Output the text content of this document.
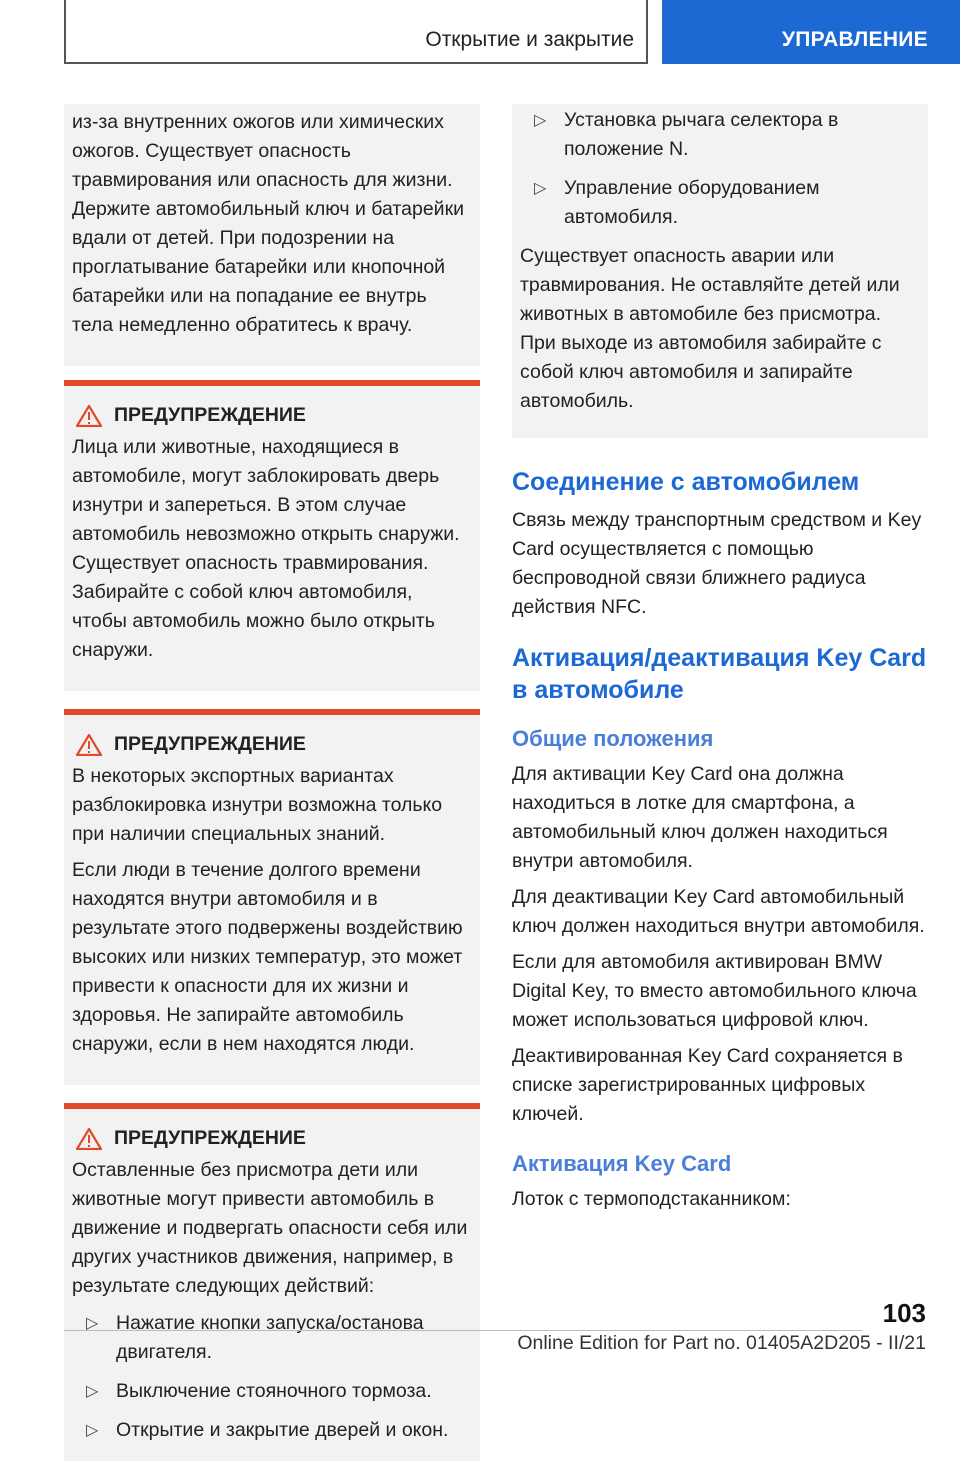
Открытие и закрытие	УПРАВЛЕНИЕ

из-за внутренних ожогов или химических ожогов. Существует опасность травмирования или опасность для жизни. Держите автомобильный ключ и батарейки вдали от детей. При подозрении на проглатывание батарейки или кнопочной батарейки или на попадание ее внутрь тела немедленно обратитесь к врачу.

ПРЕДУПРЕЖДЕНИЕ

Лица или животные, находящиеся в автомобиле, могут заблокировать дверь изнутри и запереться. В этом случае автомобиль невозможно открыть снаружи. Существует опасность травмирования. Забирайте с собой ключ автомобиля, чтобы автомобиль можно было открыть снаружи.

ПРЕДУПРЕЖДЕНИЕ

В некоторых экспортных вариантах разблокировка изнутри возможна только при наличии специальных знаний.

Если люди в течение долгого времени находятся внутри автомобиля и в результате этого подвержены воздействию высоких или низких температур, это может привести к опасности для их жизни и здоровья. Не запирайте автомобиль снаружи, если в нем находятся люди.

ПРЕДУПРЕЖДЕНИЕ

Оставленные без присмотра дети или животные могут привести автомобиль в движение и подвергать опасности себя или других участников движения, например, в результате следующих действий:

▷ Нажатие кнопки запуска/останова двигателя.
▷ Выключение стояночного тормоза.
▷ Открытие и закрытие дверей и окон.
▷ Установка рычага селектора в положение N.
▷ Управление оборудованием автомобиля.

Существует опасность аварии или травмирования. Не оставляйте детей или животных в автомобиле без присмотра. При выходе из автомобиля забирайте с собой ключ автомобиля и запирайте автомобиль.

Соединение с автомобилем

Связь между транспортным средством и Key Card осуществляется с помощью беспроводной связи ближнего радиуса действия NFC.

Активация/деактивация Key Card в автомобиле
Общие положения

Для активации Key Card она должна находиться в лотке для смартфона, а автомобильный ключ должен находиться внутри автомобиля.

Для деактивации Key Card автомобильный ключ должен находиться внутри автомобиля.

Если для автомобиля активирован BMW Digital Key, то вместо автомобильного ключа может использоваться цифровой ключ.

Деактивированная Key Card сохраняется в списке зарегистрированных цифровых ключей.

Активация Key Card

Лоток с термоподстаканником:

103
Online Edition for Part no. 01405A2D205 - II/21
